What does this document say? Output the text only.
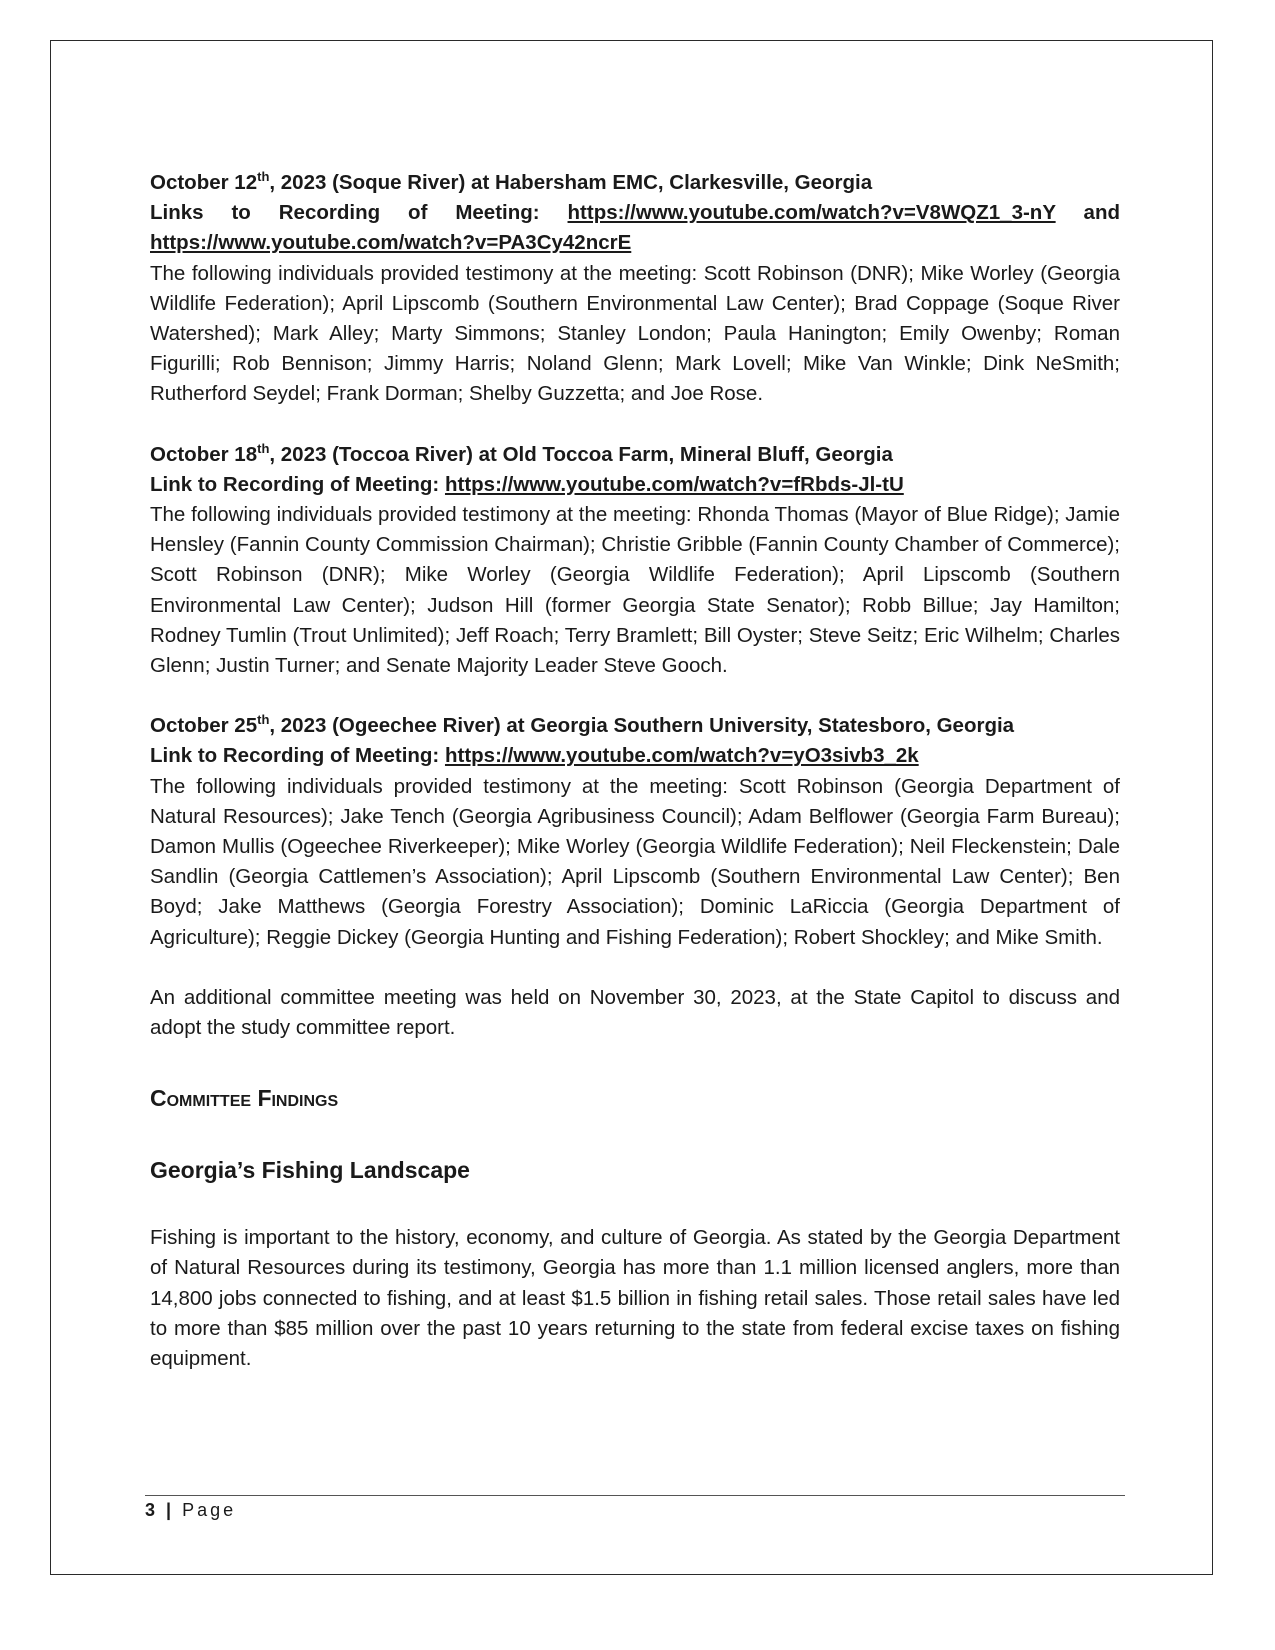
October 12th, 2023 (Soque River) at Habersham EMC, Clarkesville, Georgia
Links to Recording of Meeting: https://www.youtube.com/watch?v=V8WQZ1_3-nY and https://www.youtube.com/watch?v=PA3Cy42ncrE
The following individuals provided testimony at the meeting: Scott Robinson (DNR); Mike Worley (Georgia Wildlife Federation); April Lipscomb (Southern Environmental Law Center); Brad Coppage (Soque River Watershed); Mark Alley; Marty Simmons; Stanley London; Paula Hanington; Emily Owenby; Roman Figurilli; Rob Bennison; Jimmy Harris; Noland Glenn; Mark Lovell; Mike Van Winkle; Dink NeSmith; Rutherford Seydel; Frank Dorman; Shelby Guzzetta; and Joe Rose.
October 18th, 2023 (Toccoa River) at Old Toccoa Farm, Mineral Bluff, Georgia
Link to Recording of Meeting: https://www.youtube.com/watch?v=fRbds-Jl-tU
The following individuals provided testimony at the meeting: Rhonda Thomas (Mayor of Blue Ridge); Jamie Hensley (Fannin County Commission Chairman); Christie Gribble (Fannin County Chamber of Commerce); Scott Robinson (DNR); Mike Worley (Georgia Wildlife Federation); April Lipscomb (Southern Environmental Law Center); Judson Hill (former Georgia State Senator); Robb Billue; Jay Hamilton; Rodney Tumlin (Trout Unlimited); Jeff Roach; Terry Bramlett; Bill Oyster; Steve Seitz; Eric Wilhelm; Charles Glenn; Justin Turner; and Senate Majority Leader Steve Gooch.
October 25th, 2023 (Ogeechee River) at Georgia Southern University, Statesboro, Georgia
Link to Recording of Meeting: https://www.youtube.com/watch?v=yO3sivb3_2k
The following individuals provided testimony at the meeting: Scott Robinson (Georgia Department of Natural Resources); Jake Tench (Georgia Agribusiness Council); Adam Belflower (Georgia Farm Bureau); Damon Mullis (Ogeechee Riverkeeper); Mike Worley (Georgia Wildlife Federation); Neil Fleckenstein; Dale Sandlin (Georgia Cattlemen’s Association); April Lipscomb (Southern Environmental Law Center); Ben Boyd; Jake Matthews (Georgia Forestry Association); Dominic LaRiccia (Georgia Department of Agriculture); Reggie Dickey (Georgia Hunting and Fishing Federation); Robert Shockley; and Mike Smith.
An additional committee meeting was held on November 30, 2023, at the State Capitol to discuss and adopt the study committee report.
Committee Findings
Georgia’s Fishing Landscape

Fishing is important to the history, economy, and culture of Georgia. As stated by the Georgia Department of Natural Resources during its testimony, Georgia has more than 1.1 million licensed anglers, more than 14,800 jobs connected to fishing, and at least $1.5 billion in fishing retail sales. Those retail sales have led to more than $85 million over the past 10 years returning to the state from federal excise taxes on fishing equipment.

3 | Page
